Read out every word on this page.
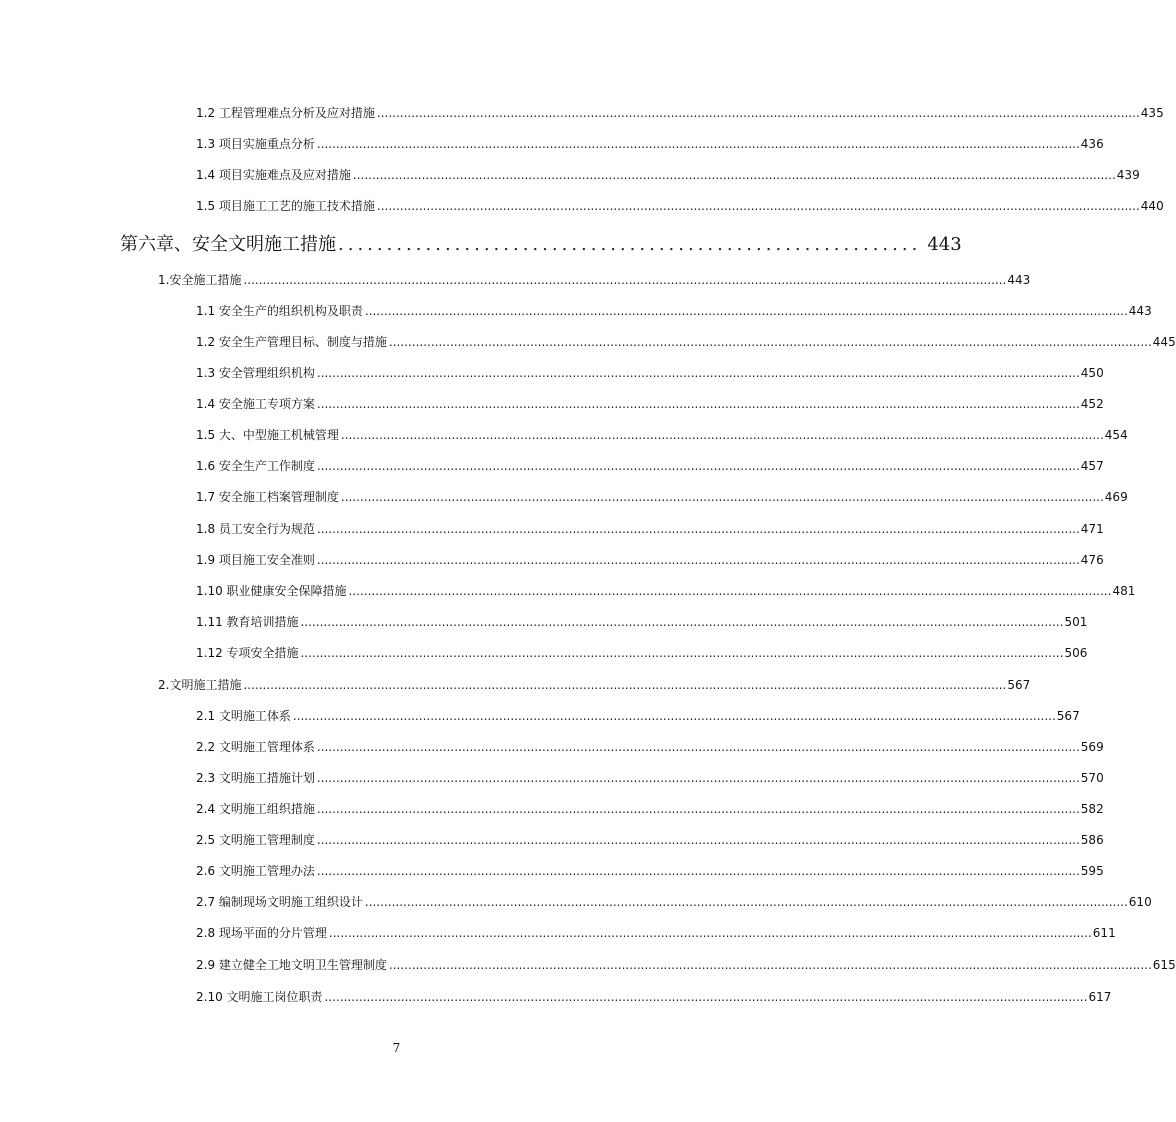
1.2 工程管理难点分析及应对措施 ........................................................................................................................................................................................................ 435
1.3 项目实施重点分析 ........................................................................................................................................................................................................ 436
1.4 项目实施难点及应对措施 ........................................................................................................................................................................................................ 439
1.5 项目施工工艺的施工技术措施 ........................................................................................................................................................................................................ 440
第六章、安全文明施工措施 ............................................................ 443
1.安全施工措施 ........................................................................................................................................................................................................ 443
1.1 安全生产的组织机构及职责 ........................................................................................................................................................................................................ 443
1.2 安全生产管理目标、制度与措施 ........................................................................................................................................................................................................ 445
1.3 安全管理组织机构 ........................................................................................................................................................................................................ 450
1.4 安全施工专项方案 ........................................................................................................................................................................................................ 452
1.5 大、中型施工机械管理 ........................................................................................................................................................................................................ 454
1.6 安全生产工作制度 ........................................................................................................................................................................................................ 457
1.7 安全施工档案管理制度 ........................................................................................................................................................................................................ 469
1.8 员工安全行为规范 ........................................................................................................................................................................................................ 471
1.9 项目施工安全准则 ........................................................................................................................................................................................................ 476
1.10 职业健康安全保障措施 ........................................................................................................................................................................................................ 481
1.11 教育培训措施 ........................................................................................................................................................................................................ 501
1.12 专项安全措施 ........................................................................................................................................................................................................ 506
2.文明施工措施 ........................................................................................................................................................................................................ 567
2.1 文明施工体系 ........................................................................................................................................................................................................ 567
2.2 文明施工管理体系 ........................................................................................................................................................................................................ 569
2.3 文明施工措施计划 ........................................................................................................................................................................................................ 570
2.4 文明施工组织措施 ........................................................................................................................................................................................................ 582
2.5 文明施工管理制度 ........................................................................................................................................................................................................ 586
2.6 文明施工管理办法 ........................................................................................................................................................................................................ 595
2.7 编制现场文明施工组织设计 ........................................................................................................................................................................................................ 610
2.8 现场平面的分片管理 ........................................................................................................................................................................................................ 611
2.9 建立健全工地文明卫生管理制度 ........................................................................................................................................................................................................ 615
2.10 文明施工岗位职责 ........................................................................................................................................................................................................ 617
7
